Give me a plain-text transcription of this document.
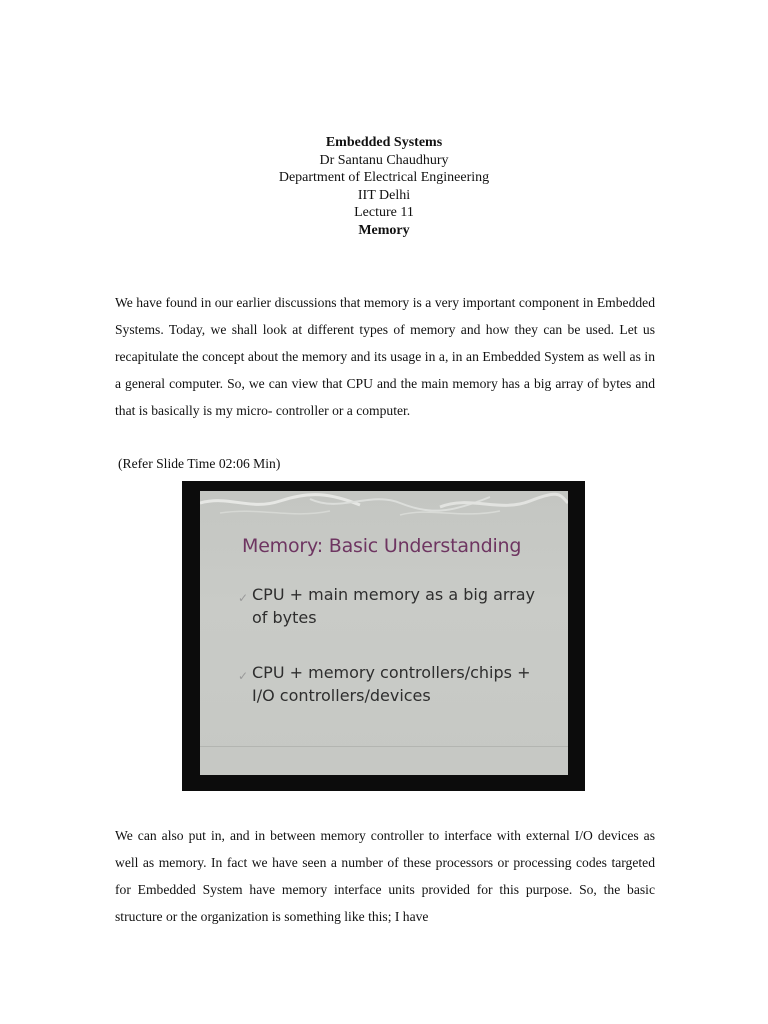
Embedded Systems
Dr Santanu Chaudhury
Department of Electrical Engineering
IIT Delhi
Lecture 11
Memory
We have found in our earlier discussions that memory is a very important component in Embedded Systems. Today, we shall look at different types of memory and how they can be used. Let us recapitulate the concept about the memory and its usage in a, in an Embedded System as well as in a general computer. So, we can view that CPU and the main memory has a big array of bytes and that is basically is my micro- controller or a computer.
(Refer Slide Time 02:06 Min)
Memory: Basic Understanding
✓ CPU + main memory as a big array of bytes
✓ CPU + memory controllers/chips + I/O controllers/devices
We can also put in, and in between memory controller to interface with external I/O devices as well as memory. In fact we have seen a number of these processors or processing codes targeted for Embedded System have memory interface units provided for this purpose. So, the basic structure or the organization is something like this; I have
